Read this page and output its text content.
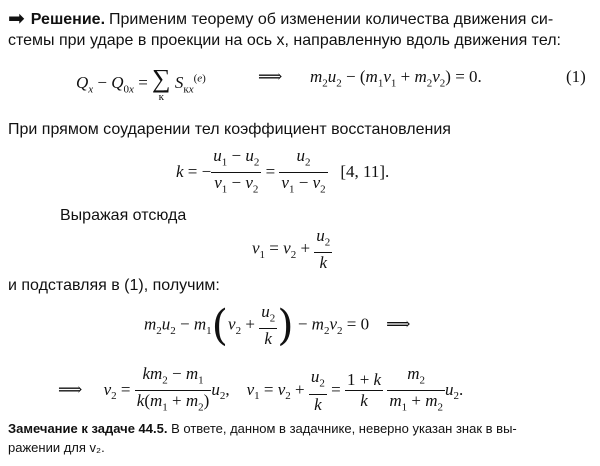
➡ Решение. Применим теорему об изменении количества движения си-
стемы при ударе в проекции на ось x, направленную вдоль движения тел:
$Q_x - Q_{0x}$ = ∑
к
$S_{кx}^{(e)}$	⟹ $m_2u_2 - (m_1v_1 + m_2v_2) = 0$.	(1)
При прямом соударении тел коэффициент восстановления
k = − $\frac{u_1 - u_2}{v_1 - v_2} = \frac{u_2}{v_1 - v_2} [4$, 11].
Выражая отсюда
$v_1 = v_2 + \frac{u_2}{k}$
и подставляя в (1), получим:
$m_2u_2 - m_1(v_2 + \frac{u_2}{k}$ ) − $m_2v_2 = 0$    ⟹
⟹     $v_2 = \frac{km_2 - m_1}{k(m_1 + m_2)} u_2$,    $v_1 = v_2 + \frac{u_2}{k} = \frac{1 + k}{k}$
$\frac{m_2}{m_1 + m_2} u_2$.
Замечание к задаче 44.5. В ответе, данном в задачнике, неверно указан знак в вы-
ражении для v₂.
